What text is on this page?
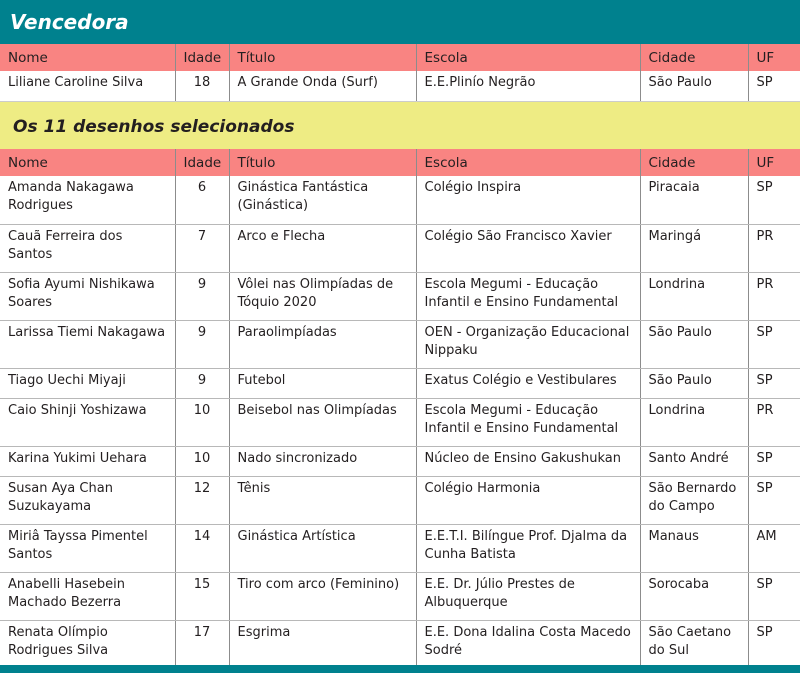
Vencedora
Nome	Idade	Título	Escola	Cidade	UF
Liliane Caroline Silva	18	A Grande Onda (Surf)	E.E.Plinío Negrão	São Paulo	SP
Os 11 desenhos selecionados
Nome	Idade	Título	Escola	Cidade	UF
Amanda Nakagawa Rodrigues	6	Ginástica Fantástica (Ginástica)	Colégio Inspira	Piracaia	SP
Cauã Ferreira dos Santos	7	Arco e Flecha	Colégio São Francisco Xavier	Maringá	PR
Sofia Ayumi Nishikawa Soares	9	Vôlei nas Olimpíadas de Tóquio 2020	Escola Megumi - Educação Infantil e Ensino Fundamental	Londrina	PR
Larissa Tiemi Nakagawa	9	Paraolimpíadas	OEN - Organização Educacional Nippaku	São Paulo	SP
Tiago Uechi Miyaji	9	Futebol	Exatus Colégio e Vestibulares	São Paulo	SP
Caio Shinji Yoshizawa	10	Beisebol nas Olimpíadas	Escola Megumi - Educação Infantil e Ensino Fundamental	Londrina	PR
Karina Yukimi Uehara	10	Nado sincronizado	Núcleo de Ensino Gakushukan	Santo André	SP
Susan Aya Chan Suzukayama	12	Tênis	Colégio Harmonia	São Bernardo do Campo	SP
Miriâ Tayssa Pimentel Santos	14	Ginástica Artística	E.E.T.I. Bilíngue Prof. Djalma da Cunha Batista	Manaus	AM
Anabelli Hasebein Machado Bezerra	15	Tiro com arco (Feminino)	E.E. Dr. Júlio Prestes de Albuquerque	Sorocaba	SP
Renata Olímpio Rodrigues Silva	17	Esgrima	E.E. Dona Idalina Costa Macedo Sodré	São Caetano do Sul	SP
